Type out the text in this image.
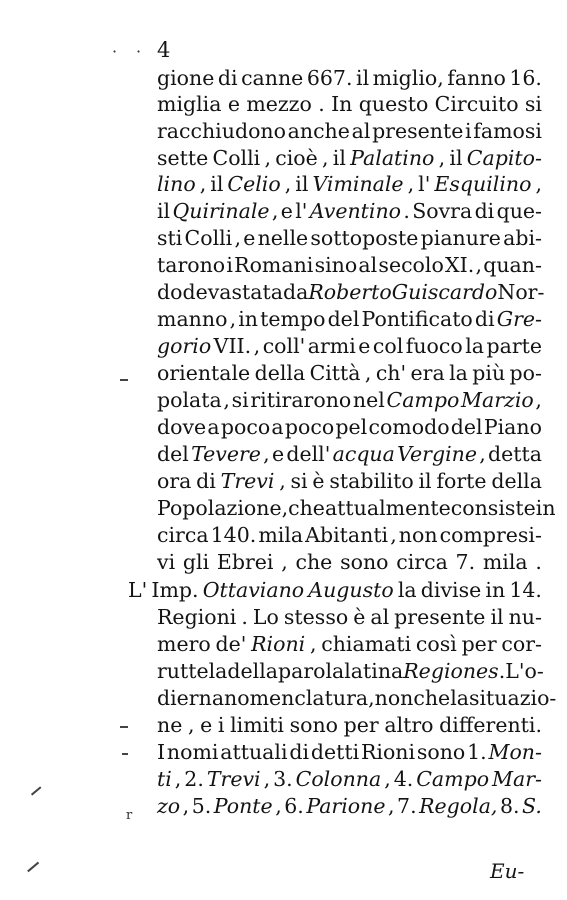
· · 4
gione di canne 667. il miglio, fanno 16.
miglia e mezzo . In questo Circuito si
racchiudono anche al presente i famosi
sette Colli , cioè , il Palatino , il Capito-
lino , il Celio , il Viminale , l' Esquilino ,
il Quirinale , e l' Aventino . Sovra di que-
sti Colli , e nelle sottoposte pianure abi-
tarono i Romani sino al secolo XI. , quan-
do devastata da Roberto Guiscardo Nor-
manno , in tempo del Pontificato di Gre-
gorio VII. , coll' armi e col fuoco la parte
orientale della Città , ch' era la più po-
polata , si ritirarono nel Campo Marzio ,
dove a poco a poco pel comodo del Piano
del Tevere , e dell' acqua Vergine , detta
ora di Trevi , si è stabilito il forte della
Popolazione , che attualmente consiste in
circa 140. mila Abitanti , non compresi-
vi gli Ebrei , che sono circa 7. mila .
L' Imp. Ottaviano Augusto la divise in 14.
Regioni . Lo stesso è al presente il nu-
mero de' Rioni , chiamati così per cor-
ruttela della parola latina Regiones . L' o-
dierna nomenclatura , non che la situazio-
ne , e i limiti sono per altro differenti.
I nomi attuali di detti Rioni sono 1. Mon-
ti , 2. Trevi , 3. Colonna , 4. Campo Mar-
zo , 5. Ponte , 6. Parione , 7. Regola, 8. S.
r
Eu-
